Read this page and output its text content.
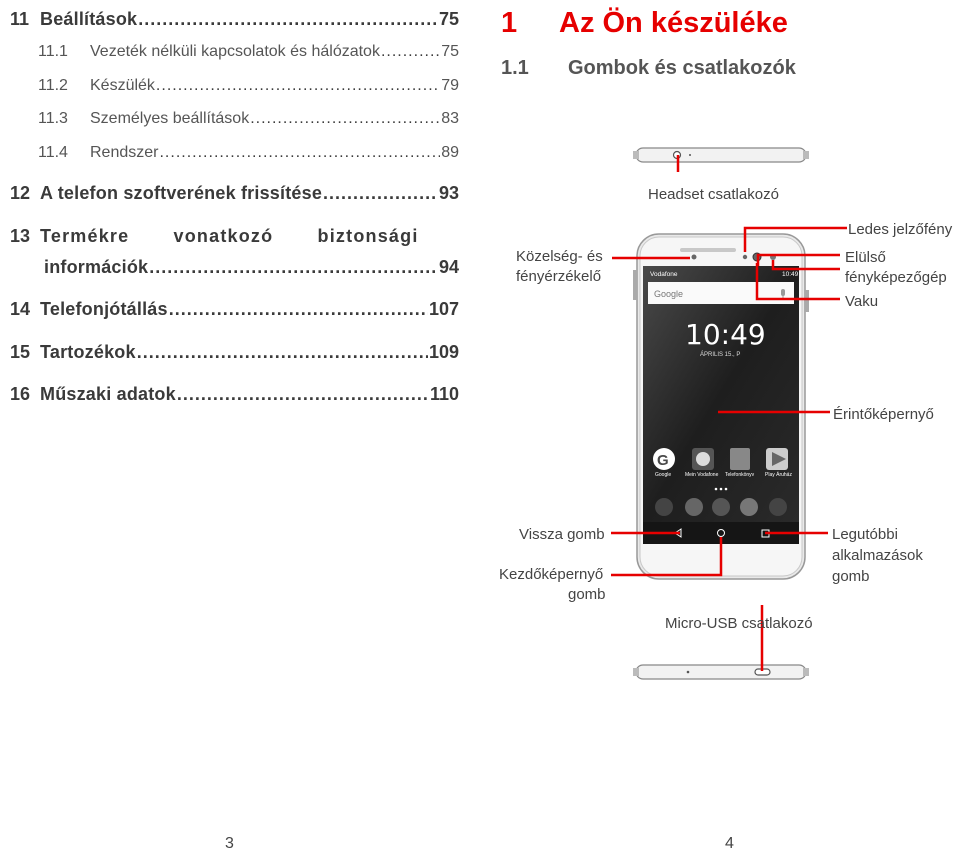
11 Beállítások .....	75
11.1	Vezeték nélküli kapcsolatok és hálózatok .....	75
11.2	Készülék .....	79
11.3	Személyes beállítások .....	83
11.4	Rendszer .....	89
12 A telefon szoftverének frissítése .....	93
13 Termékre vonatkozó biztonsági
információk .....	94
14 Telefonjótállás .....	107
15 Tartozékok .....	109
16 Műszaki adatok .....	110
1 Az Ön készüléke
1.1 Gombok és csatlakozók
Vodafone	10:49
Google
10:49
ÁPRILIS 15., P
G
Google	Mein Vodafone Telefonkönyv Play Áruház
Headset csatlakozó
Közelség- és
fényérzékelő
Ledes jelzőfény
Elülső
fényképezőgép
Vaku
Érintőképernyő
Vissza gomb
Kezdőképernyő
gomb
Legutóbbi
alkalmazások
gomb
Micro-USB csatlakozó
3	4
